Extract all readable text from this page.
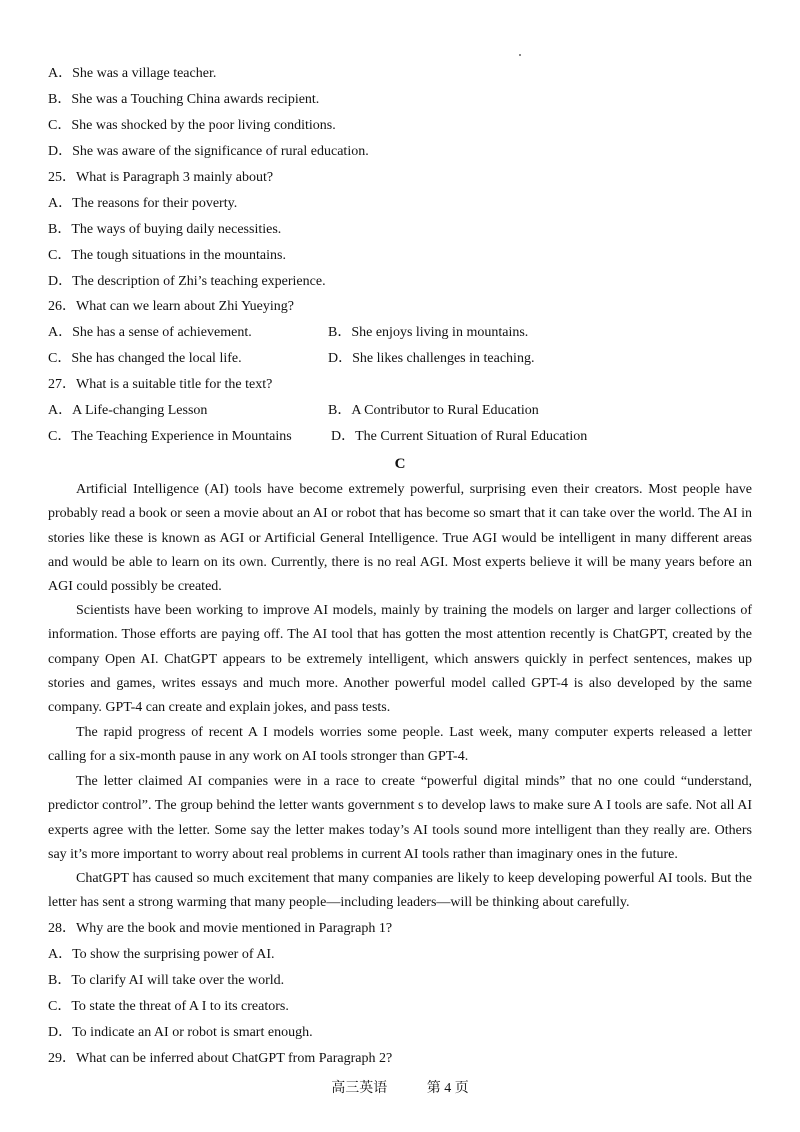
A．She was a village teacher.
B．She was a Touching China awards recipient.
C．She was shocked by the poor living conditions.
D．She was aware of the significance of rural education.
25．What is Paragraph 3 mainly about?
A．The reasons for their poverty.
B．The ways of buying daily necessities.
C．The tough situations in the mountains.
D．The description of Zhi’s teaching experience.
26．What can we learn about Zhi Yueying?
A．She has a sense of achievement.	B．She enjoys living in mountains.
C．She has changed the local life.	D．She likes challenges in teaching.
27．What is a suitable title for the text?
A．A Life-changing Lesson	B．A Contributor to Rural Education
C．The Teaching Experience in Mountains	D．The Current Situation of Rural Education
C

Artificial Intelligence (AI) tools have become extremely powerful, surprising even their creators. Most people have probably read a book or seen a movie about an AI or robot that has become so smart that it can take over the world. The AI in stories like these is known as AGI or Artificial General Intelligence. True AGI would be intelligent in many different areas and would be able to learn on its own. Currently, there is no real AGI. Most experts believe it will be many years before an AGI could possibly be created.

Scientists have been working to improve AI models, mainly by training the models on larger and larger collections of information. Those efforts are paying off. The AI tool that has gotten the most attention recently is ChatGPT, created by the company Open AI. ChatGPT appears to be extremely intelligent, which answers quickly in perfect sentences, makes up stories and games, writes essays and much more. Another powerful model called GPT-4 is also developed by the same company. GPT-4 can create and explain jokes, and pass tests.

The rapid progress of recent A I models worries some people. Last week, many computer experts released a letter calling for a six-month pause in any work on AI tools stronger than GPT-4.

The letter claimed AI companies were in a race to create “powerful digital minds” that no one could “understand, predictor control”. The group behind the letter wants government s to develop laws to make sure A I tools are safe. Not all AI experts agree with the letter. Some say the letter makes today’s AI tools sound more intelligent than they really are. Others say it’s more important to worry about real problems in current AI tools rather than imaginary ones in the future.

ChatGPT has caused so much excitement that many companies are likely to keep developing powerful AI tools. But the letter has sent a strong warming that many people—including leaders—will be thinking about carefully.

28．Why are the book and movie mentioned in Paragraph 1?
A．To show the surprising power of AI.
B．To clarify AI will take over the world.
C．To state the threat of A I to its creators.
D．To indicate an AI or robot is smart enough.
29．What can be inferred about ChatGPT from Paragraph 2?
高三英语	第 4 页
